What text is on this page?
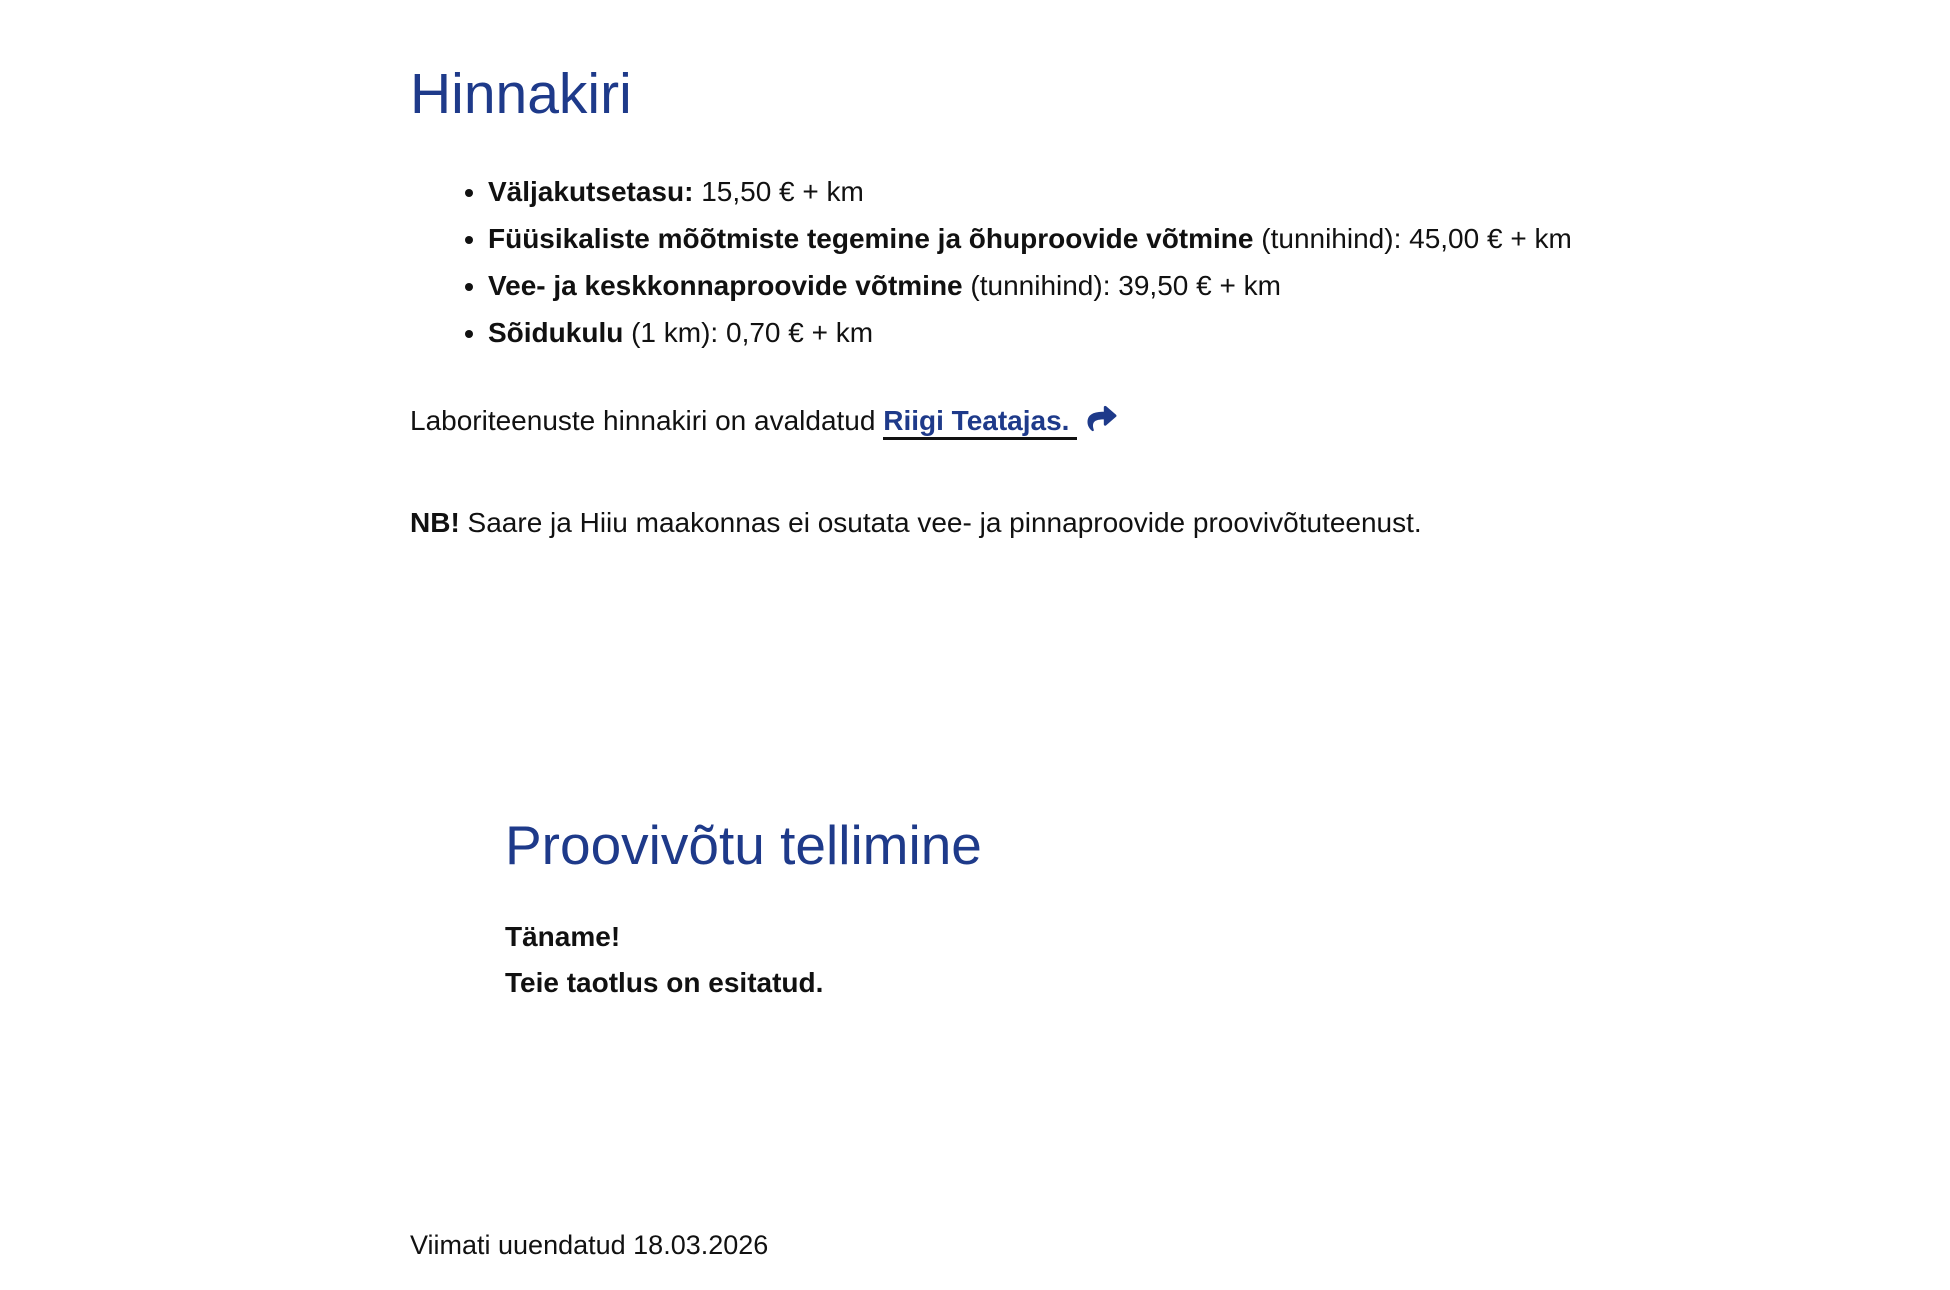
Hinnakiri
• Väljakutsetasu: 15,50 € + km
• Füüsikaliste mõõtmiste tegemine ja õhuproovide võtmine (tunnihind): 45,00 € + km
• Vee- ja keskkonnaproovide võtmine (tunnihind): 39,50 € + km
• Sõidukulu (1 km): 0,70 € + km

Laboriteenuste hinnakiri on avaldatud Riigi Teatajas.

NB! Saare ja Hiiu maakonnas ei osutata vee- ja pinnaproovide proovivõtuteenust.

Proovivõtu tellimine

Täname!
Teie taotlus on esitatud.

Viimati uuendatud 18.03.2026
